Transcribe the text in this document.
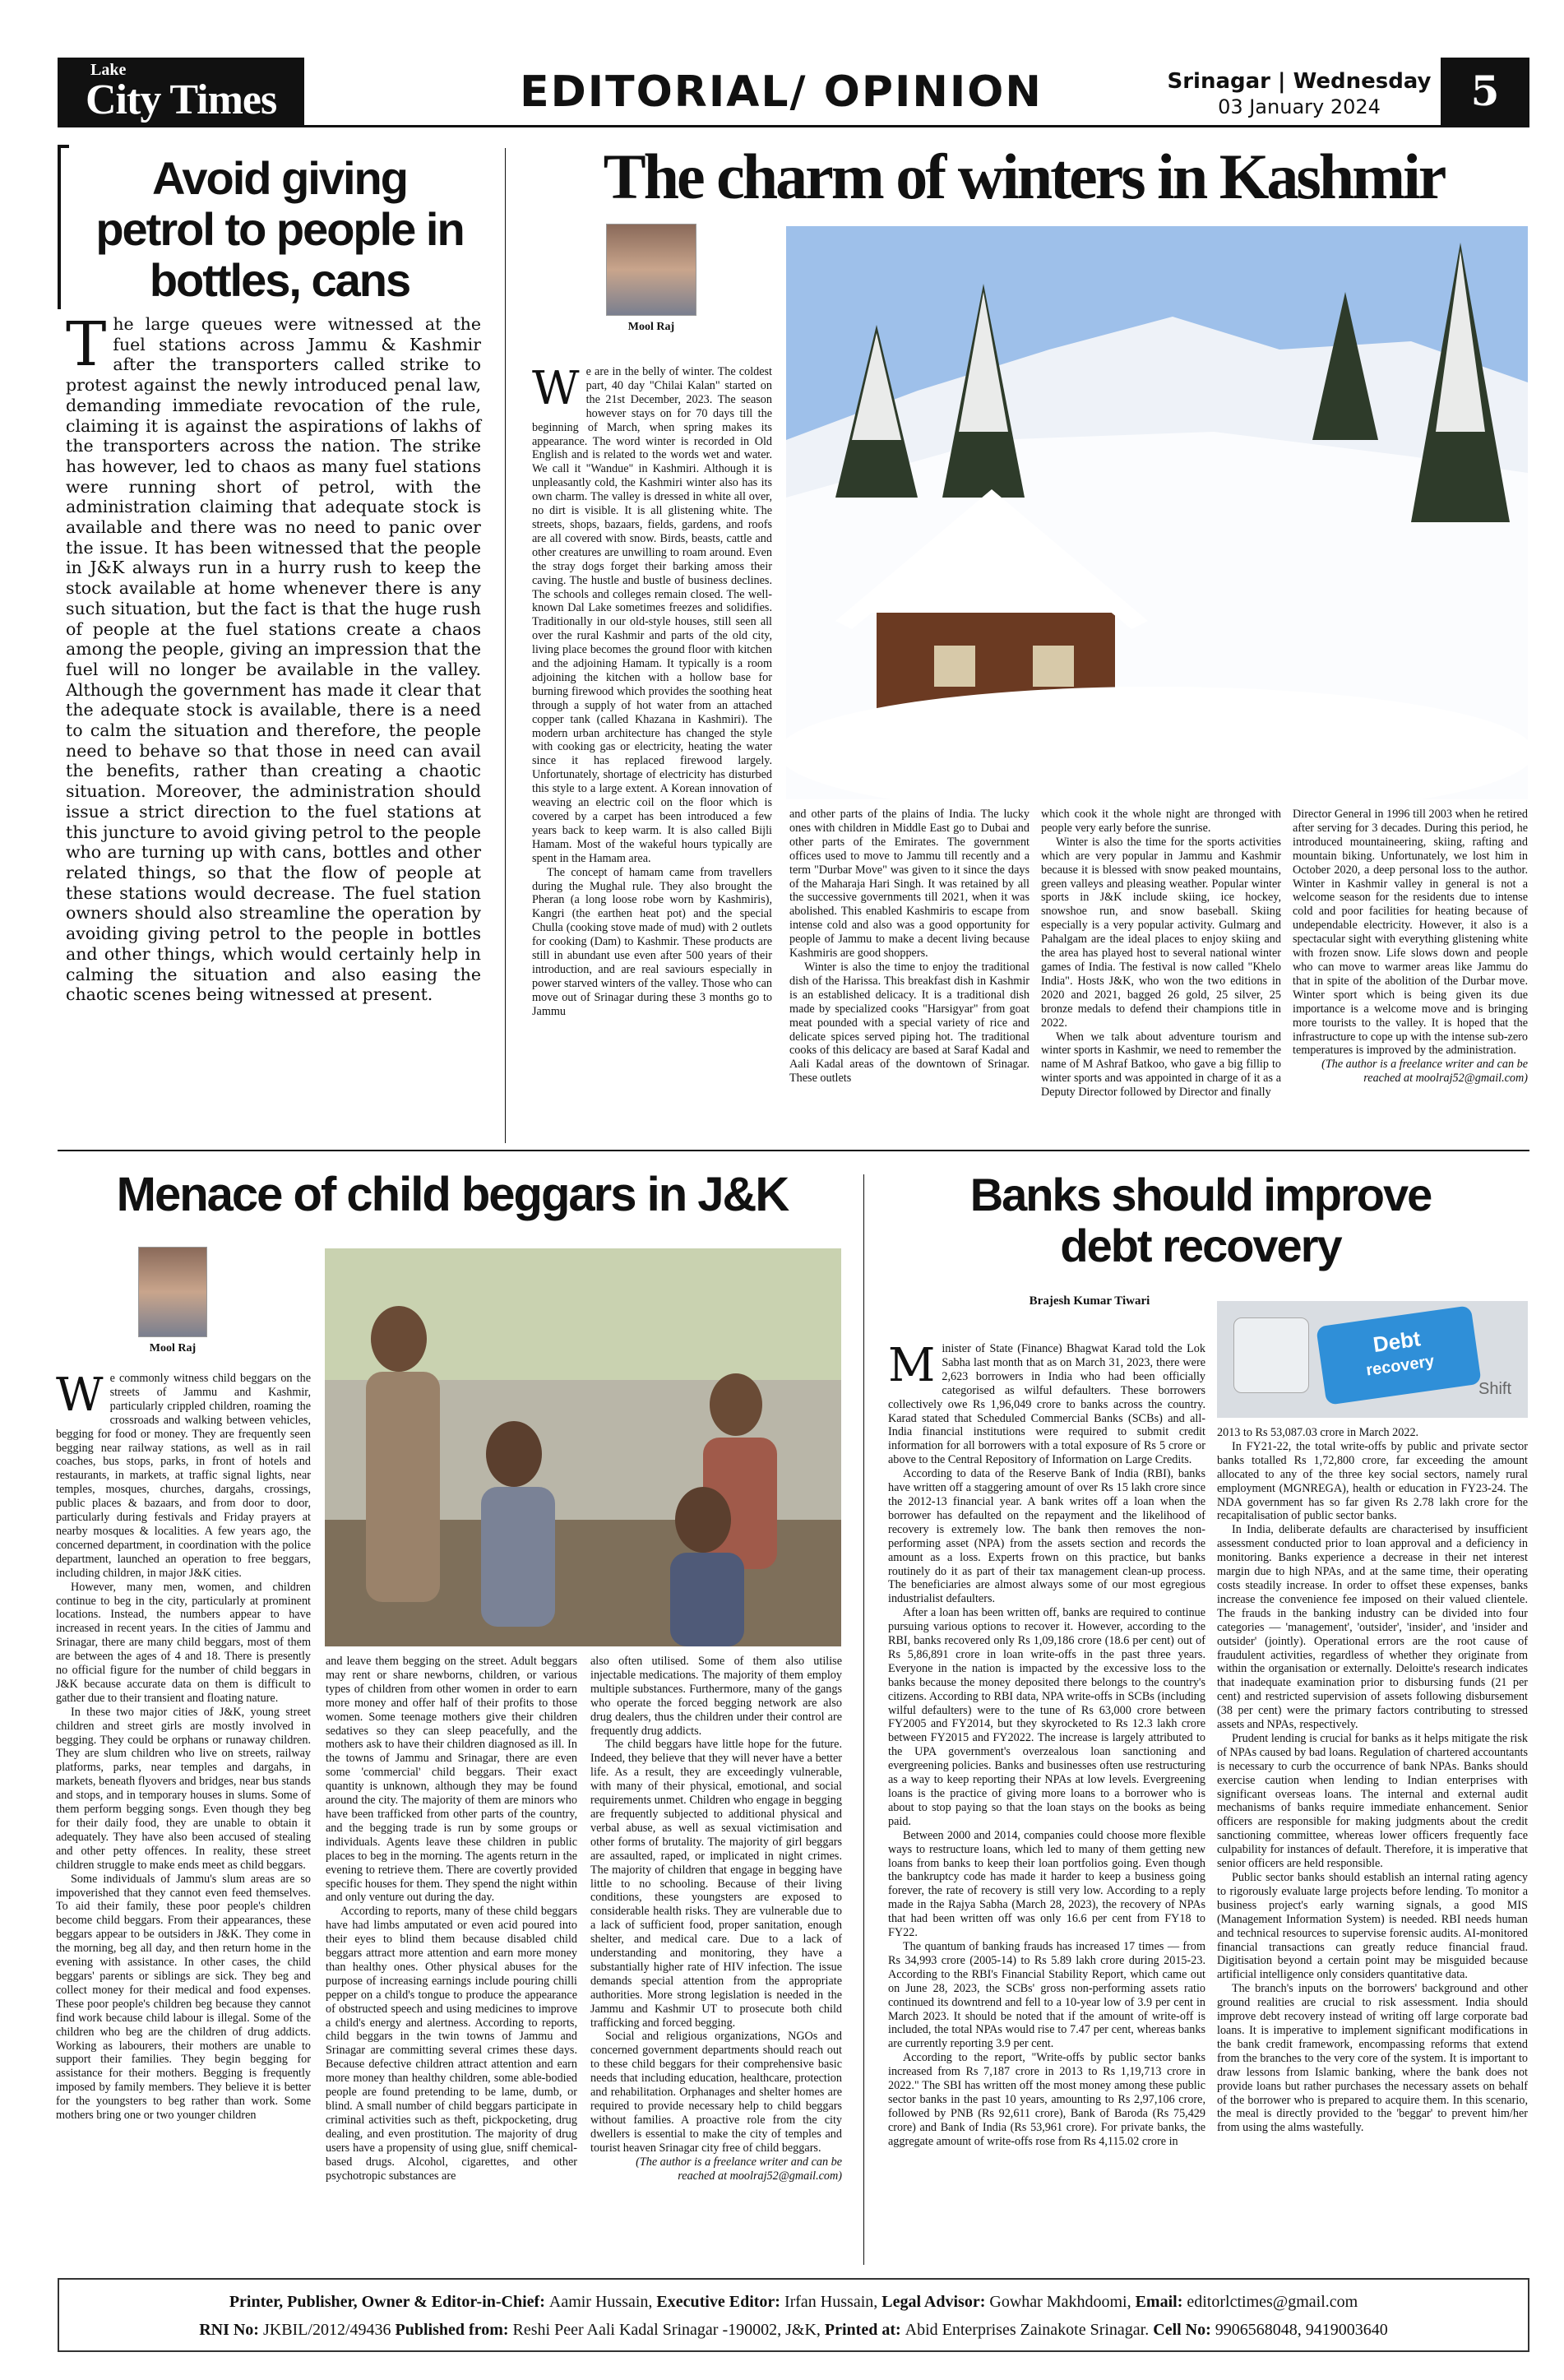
Lake
City Times	EDITORIAL/ OPINION	Srinagar | Wednesday
03 January 2024	5
Avoid giving petrol to people in bottles, cans
The large queues were witnessed at the fuel stations across Jammu & Kashmir after the transporters called strike to protest against the newly introduced penal law, demanding immediate revocation of the rule, claiming it is against the aspirations of lakhs of the transporters across the nation. The strike has however, led to chaos as many fuel stations were running short of petrol, with the administration claiming that adequate stock is available and there was no need to panic over the issue. It has been witnessed that the people in J&K always run in a hurry rush to keep the stock available at home whenever there is any such situation, but the fact is that the huge rush of people at the fuel stations create a chaos among the people, giving an impression that the fuel will no longer be available in the valley. Although the government has made it clear that the adequate stock is available, there is a need to calm the situation and therefore, the people need to behave so that those in need can avail the benefits, rather than creating a chaotic situation. Moreover, the administration should issue a strict direction to the fuel stations at this juncture to avoid giving petrol to the people who are turning up with cans, bottles and other related things, so that the flow of people at these stations would decrease. The fuel station owners should also streamline the operation by avoiding giving petrol to the people in bottles and other things, which would certainly help in calming the situation and also easing the chaotic scenes being witnessed at present.
The charm of winters in Kashmir
Mool Raj

We are in the belly of winter. The coldest part, 40 day "Chilai Kalan" started on the 21st December, 2023. The season however stays on for 70 days till the beginning of March, when spring makes its appearance. The word winter is recorded in Old English and is related to the words wet and water. We call it "Wandue" in Kashmiri. Although it is unpleasantly cold, the Kashmiri winter also has its own charm. The valley is dressed in white all over, no dirt is visible. It is all glistening white. The streets, shops, bazaars, fields, gardens, and roofs are all covered with snow. Birds, beasts, cattle and other creatures are unwilling to roam around. Even the stray dogs forget their barking amoss their caving. The hustle and bustle of business declines. The schools and colleges remain closed. The well-known Dal Lake sometimes freezes and solidifies. Traditionally in our old-style houses, still seen all over the rural Kashmir and parts of the old city, living place becomes the ground floor with kitchen and the adjoining Hamam. It typically is a room adjoining the kitchen with a hollow base for burning firewood which provides the soothing heat through a supply of hot water from an attached copper tank (called Khazana in Kashmiri). The modern urban architecture has changed the style with cooking gas or electricity, heating the water since it has replaced firewood largely. Unfortunately, shortage of electricity has disturbed this style to a large extent. A Korean innovation of weaving an electric coil on the floor which is covered by a carpet has been introduced a few years back to keep warm. It is also called Bijli Hamam. Most of the wakeful hours typically are spent in the Hamam area.

The concept of hamam came from travellers during the Mughal rule. They also brought the Pheran (a long loose robe worn by Kashmiris), Kangri (the earthen heat pot) and the special Chulla (cooking stove made of mud) with 2 outlets for cooking (Dam) to Kashmir. These products are still in abundant use even after 500 years of their introduction, and are real saviours especially in power starved winters of the valley. Those who can move out of Srinagar during these 3 months go to Jammu

and other parts of the plains of India. The lucky ones with children in Middle East go to Dubai and other parts of the Emirates. The government offices used to move to Jammu till recently and a term "Durbar Move" was given to it since the days of the Maharaja Hari Singh. It was retained by all the successive governments till 2021, when it was abolished. This enabled Kashmiris to escape from intense cold and also was a good opportunity for people of Jammu to make a decent living because Kashmiris are good shoppers.

Winter is also the time to enjoy the traditional dish of the Harissa. This breakfast dish in Kashmir is an established delicacy. It is a traditional dish made by specialized cooks "Harsigyar" from goat meat pounded with a special variety of rice and delicate spices served piping hot. The traditional cooks of this delicacy are based at Saraf Kadal and Aali Kadal areas of the downtown of Srinagar. These outlets

which cook it the whole night are thronged with people very early before the sunrise.

Winter is also the time for the sports activities which are very popular in Jammu and Kashmir because it is blessed with snow peaked mountains, green valleys and pleasing weather. Popular winter sports in J&K include skiing, ice hockey, snowshoe run, and snow baseball. Skiing especially is a very popular activity. Gulmarg and Pahalgam are the ideal places to enjoy skiing and the area has played host to several national winter games of India. The festival is now called "Khelo India". Hosts J&K, who won the two editions in 2020 and 2021, bagged 26 gold, 25 silver, 25 bronze medals to defend their champions title in 2022.

When we talk about adventure tourism and winter sports in Kashmir, we need to remember the name of M Ashraf Batkoo, who gave a big fillip to winter sports and was appointed in charge of it as a Deputy Director followed by Director and finally

Director General in 1996 till 2003 when he retired after serving for 3 decades. During this period, he introduced mountaineering, skiing, rafting and mountain biking. Unfortunately, we lost him in October 2020, a deep personal loss to the author. Winter in Kashmir valley in general is not a welcome season for the residents due to intense cold and poor facilities for heating because of undependable electricity. However, it also is a spectacular sight with everything glistening white with frozen snow. Life slows down and people who can move to warmer areas like Jammu do that in spite of the abolition of the Durbar move. Winter sport which is being given its due importance is a welcome move and is bringing more tourists to the valley. It is hoped that the infrastructure to cope up with the intense sub-zero temperatures is improved by the administration.

(The author is a freelance writer and can be reached at moolraj52@gmail.com)

Menace of child beggars in J&K
Mool Raj

We commonly witness child beggars on the streets of Jammu and Kashmir, particularly crippled children, roaming the crossroads and walking between vehicles, begging for food or money. They are frequently seen begging near railway stations, as well as in rail coaches, bus stops, parks, in front of hotels and restaurants, in markets, at traffic signal lights, near temples, mosques, churches, dargahs, crossings, public places & bazaars, and from door to door, particularly during festivals and Friday prayers at nearby mosques & localities. A few years ago, the concerned department, in coordination with the police department, launched an operation to free beggars, including children, in major J&K cities.

However, many men, women, and children continue to beg in the city, particularly at prominent locations. Instead, the numbers appear to have increased in recent years. In the cities of Jammu and Srinagar, there are many child beggars, most of them are between the ages of 4 and 18. There is presently no official figure for the number of child beggars in J&K because accurate data on them is difficult to gather due to their transient and floating nature.

In these two major cities of J&K, young street children and street girls are mostly involved in begging. They could be orphans or runaway children. They are slum children who live on streets, railway platforms, parks, near temples and dargahs, in markets, beneath flyovers and bridges, near bus stands and stops, and in temporary houses in slums. Some of them perform begging songs. Even though they beg for their daily food, they are unable to obtain it adequately. They have also been accused of stealing and other petty offences. In reality, these street children struggle to make ends meet as child beggars.

Some individuals of Jammu's slum areas are so impoverished that they cannot even feed themselves. To aid their family, these poor people's children become child beggars. From their appearances, these beggars appear to be outsiders in J&K. They come in the morning, beg all day, and then return home in the evening with assistance. In other cases, the child beggars' parents or siblings are sick. They beg and collect money for their medical and food expenses. These poor people's children beg because they cannot find work because child labour is illegal. Some of the children who beg are the children of drug addicts. Working as labourers, their mothers are unable to support their families. They begin begging for assistance for their mothers. Begging is frequently imposed by family members. They believe it is better for the youngsters to beg rather than work. Some mothers bring one or two younger children

and leave them begging on the street. Adult beggars may rent or share newborns, children, or various types of children from other women in order to earn more money and offer half of their profits to those women. Some teenage mothers give their children sedatives so they can sleep peacefully, and the mothers ask to have their children diagnosed as ill. In the towns of Jammu and Srinagar, there are even some 'commercial' child beggars. Their exact quantity is unknown, although they may be found around the city. The majority of them are minors who have been trafficked from other parts of the country, and the begging trade is run by some groups or individuals. Agents leave these children in public places to beg in the morning. The agents return in the evening to retrieve them. There are covertly provided specific houses for them. They spend the night within and only venture out during the day.

According to reports, many of these child beggars have had limbs amputated or even acid poured into their eyes to blind them because disabled child beggars attract more attention and earn more money than healthy ones. Other physical abuses for the purpose of increasing earnings include pouring chilli pepper on a child's tongue to produce the appearance of obstructed speech and using medicines to improve a child's energy and alertness. According to reports, child beggars in the twin towns of Jammu and Srinagar are committing several crimes these days. Because defective children attract attention and earn more money than healthy children, some able-bodied people are found pretending to be lame, dumb, or blind. A small number of child beggars participate in criminal activities such as theft, pickpocketing, drug dealing, and even prostitution. The majority of drug users have a propensity of using glue, sniff chemical-based drugs. Alcohol, cigarettes, and other psychotropic substances are

also often utilised. Some of them also utilise injectable medications. The majority of them employ multiple substances. Furthermore, many of the gangs who operate the forced begging network are also drug dealers, thus the children under their control are frequently drug addicts.

The child beggars have little hope for the future. Indeed, they believe that they will never have a better life. As a result, they are exceedingly vulnerable, with many of their physical, emotional, and social requirements unmet. Children who engage in begging are frequently subjected to additional physical and verbal abuse, as well as sexual victimisation and other forms of brutality. The majority of girl beggars are assaulted, raped, or implicated in night crimes. The majority of children that engage in begging have little to no schooling. Because of their living conditions, these youngsters are exposed to considerable health risks. They are vulnerable due to a lack of sufficient food, proper sanitation, enough shelter, and medical care. Due to a lack of understanding and monitoring, they have a substantially higher rate of HIV infection. The issue demands special attention from the appropriate authorities. More strong legislation is needed in the Jammu and Kashmir UT to prosecute both child trafficking and forced begging.

Social and religious organizations, NGOs and concerned government departments should reach out to these child beggars for their comprehensive basic needs that including education, healthcare, protection and rehabilitation. Orphanages and shelter homes are required to provide necessary help to child beggars without families. A proactive role from the city dwellers is essential to make the city of temples and tourist heaven Srinagar city free of child beggars.

(The author is a freelance writer and can be reached at moolraj52@gmail.com)

Banks should improve
debt recovery
Brajesh Kumar Tiwari
Debt
recovery
Shift

Minister of State (Finance) Bhagwat Karad told the Lok Sabha last month that as on March 31, 2023, there were 2,623 borrowers in India who had been officially categorised as wilful defaulters. These borrowers collectively owe Rs 1,96,049 crore to banks across the country. Karad stated that Scheduled Commercial Banks (SCBs) and all-India financial institutions were required to submit credit information for all borrowers with a total exposure of Rs 5 crore or above to the Central Repository of Information on Large Credits.

According to data of the Reserve Bank of India (RBI), banks have written off a staggering amount of over Rs 15 lakh crore since the 2012-13 financial year. A bank writes off a loan when the borrower has defaulted on the repayment and the likelihood of recovery is extremely low. The bank then removes the non-performing asset (NPA) from the assets section and records the amount as a loss. Experts frown on this practice, but banks routinely do it as part of their tax management clean-up process. The beneficiaries are almost always some of our most egregious industrialist defaulters.

After a loan has been written off, banks are required to continue pursuing various options to recover it. However, according to the RBI, banks recovered only Rs 1,09,186 crore (18.6 per cent) out of Rs 5,86,891 crore in loan write-offs in the past three years. Everyone in the nation is impacted by the excessive loss to the banks because the money deposited there belongs to the country's citizens. According to RBI data, NPA write-offs in SCBs (including wilful defaulters) were to the tune of Rs 63,000 crore between FY2005 and FY2014, but they skyrocketed to Rs 12.3 lakh crore between FY2015 and FY2022. The increase is largely attributed to the UPA government's overzealous loan sanctioning and evergreening policies. Banks and businesses often use restructuring as a way to keep reporting their NPAs at low levels. Evergreening loans is the practice of giving more loans to a borrower who is about to stop paying so that the loan stays on the books as being paid.

Between 2000 and 2014, companies could choose more flexible ways to restructure loans, which led to many of them getting new loans from banks to keep their loan portfolios going. Even though the bankruptcy code has made it harder to keep a business going forever, the rate of recovery is still very low. According to a reply made in the Rajya Sabha (March 28, 2023), the recovery of NPAs that had been written off was only 16.6 per cent from FY18 to FY22.

The quantum of banking frauds has increased 17 times — from Rs 34,993 crore (2005-14) to Rs 5.89 lakh crore during 2015-23. According to the RBI's Financial Stability Report, which came out on June 28, 2023, the SCBs' gross non-performing assets ratio continued its downtrend and fell to a 10-year low of 3.9 per cent in March 2023. It should be noted that if the amount of write-off is included, the total NPAs would rise to 7.47 per cent, whereas banks are currently reporting 3.9 per cent.

According to the report, "Write-offs by public sector banks increased from Rs 7,187 crore in 2013 to Rs 1,19,713 crore in 2022." The SBI has written off the most money among these public sector banks in the past 10 years, amounting to Rs 2,97,106 crore, followed by PNB (Rs 92,611 crore), Bank of Baroda (Rs 75,429 crore) and Bank of India (Rs 53,961 crore). For private banks, the aggregate amount of write-offs rose from Rs 4,115.02 crore in

2013 to Rs 53,087.03 crore in March 2022.

In FY21-22, the total write-offs by public and private sector banks totalled Rs 1,72,800 crore, far exceeding the amount allocated to any of the three key social sectors, namely rural employment (MGNREGA), health or education in FY23-24. The NDA government has so far given Rs 2.78 lakh crore for the recapitalisation of public sector banks.

In India, deliberate defaults are characterised by insufficient assessment conducted prior to loan approval and a deficiency in monitoring. Banks experience a decrease in their net interest margin due to high NPAs, and at the same time, their operating costs steadily increase. In order to offset these expenses, banks increase the convenience fee imposed on their valued clientele. The frauds in the banking industry can be divided into four categories — 'management', 'outsider', 'insider', and 'insider and outsider' (jointly). Operational errors are the root cause of fraudulent activities, regardless of whether they originate from within the organisation or externally. Deloitte's research indicates that inadequate examination prior to disbursing funds (21 per cent) and restricted supervision of assets following disbursement (38 per cent) were the primary factors contributing to stressed assets and NPAs, respectively.

Prudent lending is crucial for banks as it helps mitigate the risk of NPAs caused by bad loans. Regulation of chartered accountants is necessary to curb the occurrence of bank NPAs. Banks should exercise caution when lending to Indian enterprises with significant overseas loans. The internal and external audit mechanisms of banks require immediate enhancement. Senior officers are responsible for making judgments about the credit sanctioning committee, whereas lower officers frequently face culpability for instances of default. Therefore, it is imperative that senior officers are held responsible.

Public sector banks should establish an internal rating agency to rigorously evaluate large projects before lending. To monitor a business project's early warning signals, a good MIS (Management Information System) is needed. RBI needs human and technical resources to supervise forensic audits. AI-monitored financial transactions can greatly reduce financial fraud. Digitisation beyond a certain point may be misguided because artificial intelligence only considers quantitative data.

The branch's inputs on the borrowers' background and other ground realities are crucial to risk assessment. India should improve debt recovery instead of writing off large corporate bad loans. It is imperative to implement significant modifications in the bank credit framework, encompassing reforms that extend from the branches to the very core of the system. It is important to draw lessons from Islamic banking, where the bank does not provide loans but rather purchases the necessary assets on behalf of the borrower who is prepared to acquire them. In this scenario, the meal is directly provided to the 'beggar' to prevent him/her from using the alms wastefully.

Printer, Publisher, Owner & Editor-in-Chief: Aamir Hussain, Executive Editor: Irfan Hussain, Legal Advisor: Gowhar Makhdoomi, Email: editorlctimes@gmail.com
RNI No: JKBIL/2012/49436 Published from: Reshi Peer Aali Kadal Srinagar -190002, J&K, Printed at: Abid Enterprises Zainakote Srinagar. Cell No: 9906568048, 9419003640
